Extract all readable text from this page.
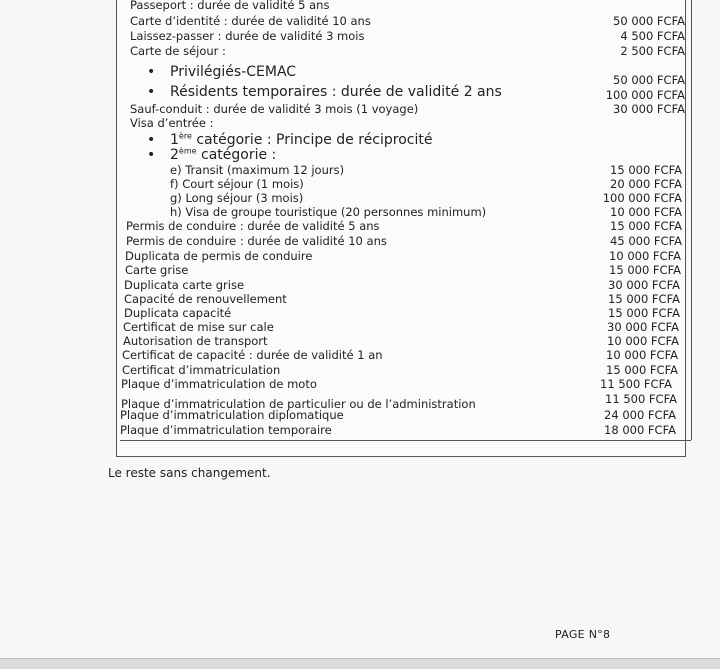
Passeport : durée de validité 5 ans
Carte d’identité : durée de validité 10 ans	50 000 FCFA
Laissez-passer : durée de validité 3 mois	4 500 FCFA
Carte de séjour :	2 500 FCFA
• Privilégiés-CEMAC	50 000 FCFA
• Résidents temporaires : durée de validité 2 ans	100 000 FCFA
Sauf-conduit : durée de validité 3 mois (1 voyage)	30 000 FCFA
Visa d’entrée :
• 1ère catégorie : Principe de réciprocité
• 2ème catégorie :
e) Transit (maximum 12 jours)	15 000 FCFA
f) Court séjour (1 mois)	20 000 FCFA
g) Long séjour (3 mois)	100 000 FCFA
h) Visa de groupe touristique (20 personnes minimum)	10 000 FCFA
Permis de conduire : durée de validité 5 ans	15 000 FCFA
Permis de conduire : durée de validité 10 ans	45 000 FCFA
Duplicata de permis de conduire	10 000 FCFA
Carte grise	15 000 FCFA
Duplicata carte grise	30 000 FCFA
Capacité de renouvellement	15 000 FCFA
Duplicata capacité	15 000 FCFA
Certificat de mise sur cale	30 000 FCFA
Autorisation de transport	10 000 FCFA
Certificat de capacité : durée de validité 1 an	10 000 FCFA
Certificat d’immatriculation	15 000 FCFA
Plaque d’immatriculation de moto	11 500 FCFA
Plaque d’immatriculation de particulier ou de l’administration	11 500 FCFA
Plaque d’immatriculation diplomatique	24 000 FCFA
Plaque d’immatriculation temporaire	18 000 FCFA
Le reste sans changement.
PAGE N°8
